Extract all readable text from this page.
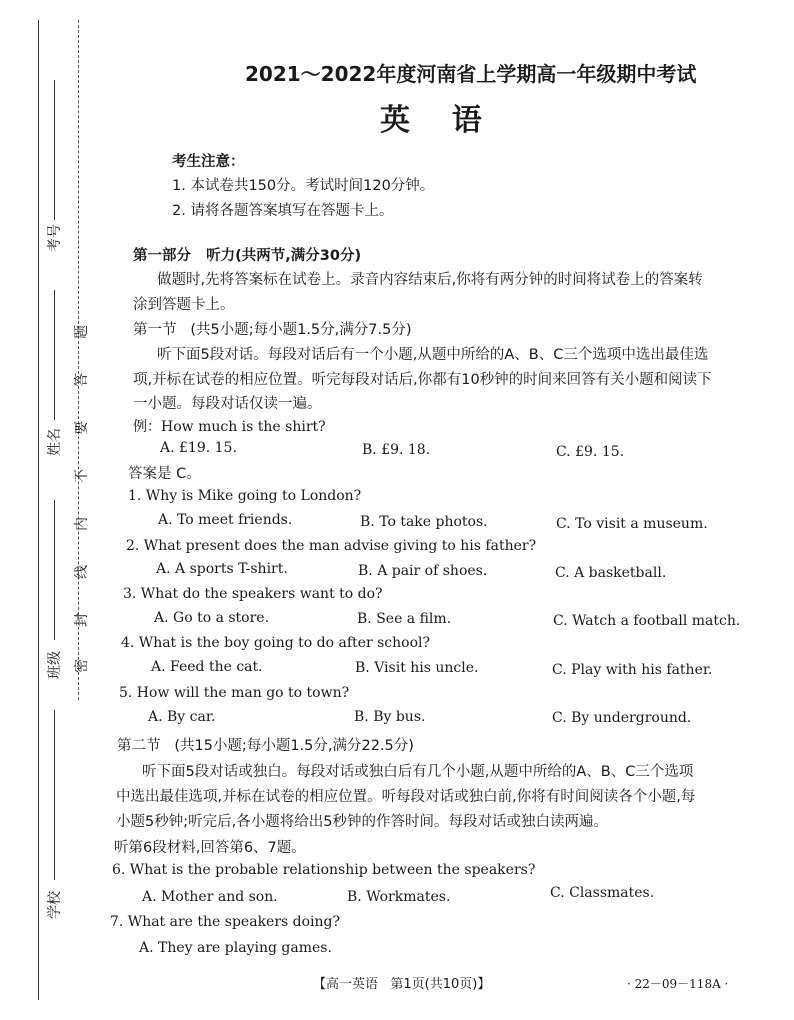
考号
姓名
班级
学校
题
答
要
不
内
线
封
密
2021～2022年度河南省上学期高一年级期中考试
英    语
考生注意：
1. 本试卷共150分。考试时间120分钟。
2. 请将各题答案填写在答题卡上。
第一部分   听力(共两节,满分30分)
做题时,先将答案标在试卷上。录音内容结束后,你将有两分钟的时间将试卷上的答案转
涂到答题卡上。
第一节   (共5小题;每小题1.5分,满分7.5分)
听下面5段对话。每段对话后有一个小题,从题中所给的A、B、C三个选项中选出最佳选
项,并标在试卷的相应位置。听完每段对话后,你都有10秒钟的时间来回答有关小题和阅读下
一小题。每段对话仅读一遍。
例：How much is the shirt?
A. £19. 15.	B. £9. 18.	C. £9. 15.
答案是 C。
1. Why is Mike going to London?
A. To meet friends.	B. To take photos.	C. To visit a museum.
2. What present does the man advise giving to his father?
A. A sports T-shirt.	B. A pair of shoes.	C. A basketball.
3. What do the speakers want to do?
A. Go to a store.	B. See a film.	C. Watch a football match.
4. What is the boy going to do after school?
A. Feed the cat.	B. Visit his uncle.	C. Play with his father.
5. How will the man go to town?
A. By car.	B. By bus.	C. By underground.
第二节   (共15小题;每小题1.5分,满分22.5分)
听下面5段对话或独白。每段对话或独白后有几个小题,从题中所给的A、B、C三个选项
中选出最佳选项,并标在试卷的相应位置。听每段对话或独白前,你将有时间阅读各个小题,每
小题5秒钟;听完后,各小题将给出5秒钟的作答时间。每段对话或独白读两遍。
听第6段材料,回答第6、7题。
6. What is the probable relationship between the speakers?
A. Mother and son.	B. Workmates.	C. Classmates.
7. What are the speakers doing?
A. They are playing games.
【高一英语   第1页(共10页)】	· 22－09－118A ·
